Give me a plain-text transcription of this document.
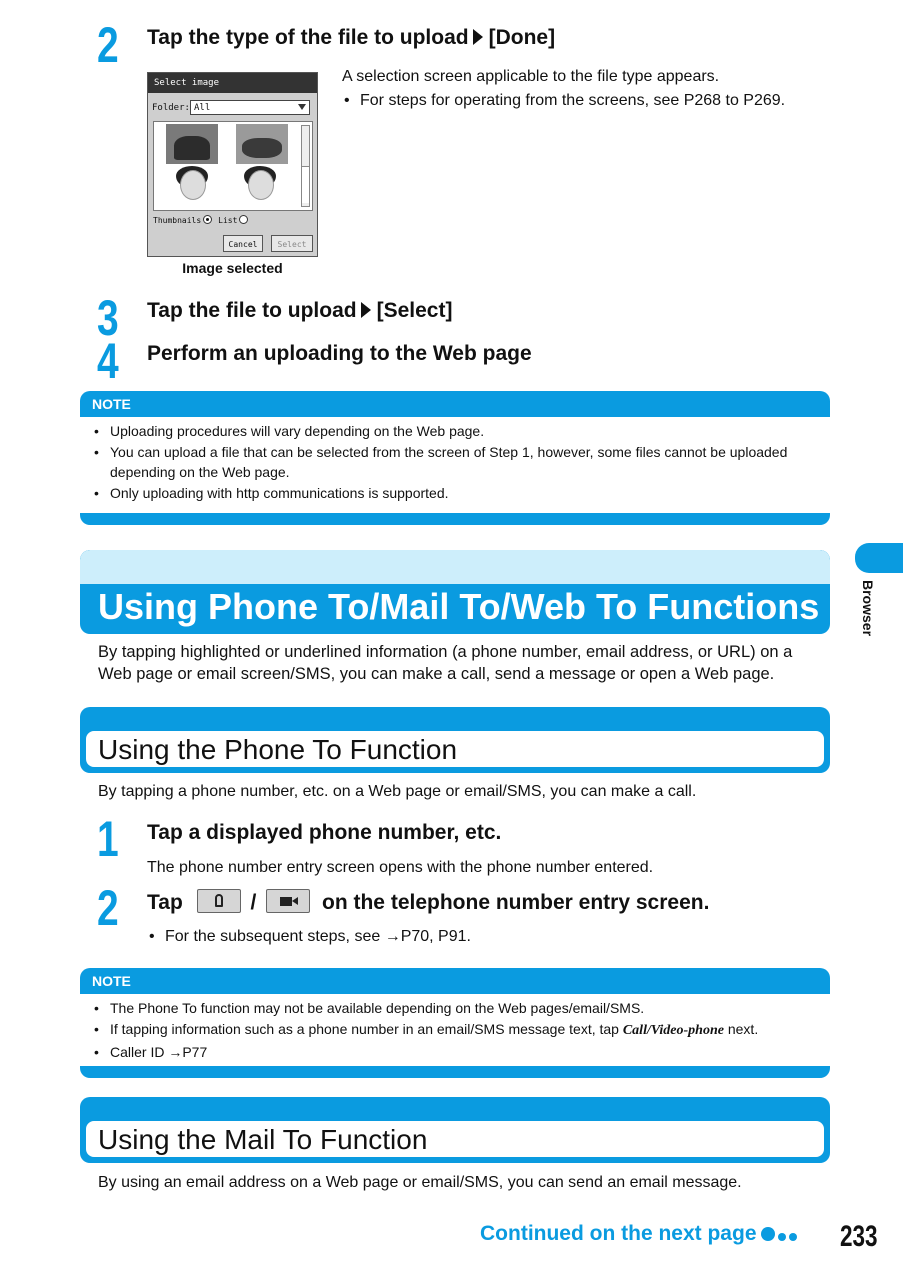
2 Tap the type of the file to upload [Done]
A selection screen applicable to the file type appears.
• For steps for operating from the screens, see P268 to P269.
Select image
Folder: All
Thumbnails List
Cancel	Select
Image selected
3 Tap the file to upload [Select]
4 Perform an uploading to the Web page
NOTE
• Uploading procedures will vary depending on the Web page.
• You can upload a file that can be selected from the screen of Step 1, however, some files cannot be uploaded depending on the Web page.
• Only uploading with http communications is supported.
Using Phone To/Mail To/Web To Functions
By tapping highlighted or underlined information (a phone number, email address, or URL) on a Web page or email screen/SMS, you can make a call, send a message or open a Web page.
Browser
Using the Phone To Function
By tapping a phone number, etc. on a Web page or email/SMS, you can make a call.
1 Tap a displayed phone number, etc.
The phone number entry screen opens with the phone number entered.
2 Tap	/	on the telephone number entry screen.
• For the subsequent steps, see →P70, P91.
NOTE
• The Phone To function may not be available depending on the Web pages/email/SMS.
• If tapping information such as a phone number in an email/SMS message text, tap Call/Video-phone next.
• Caller ID →P77
Using the Mail To Function
By using an email address on a Web page or email/SMS, you can send an email message.
Continued on the next page	233
